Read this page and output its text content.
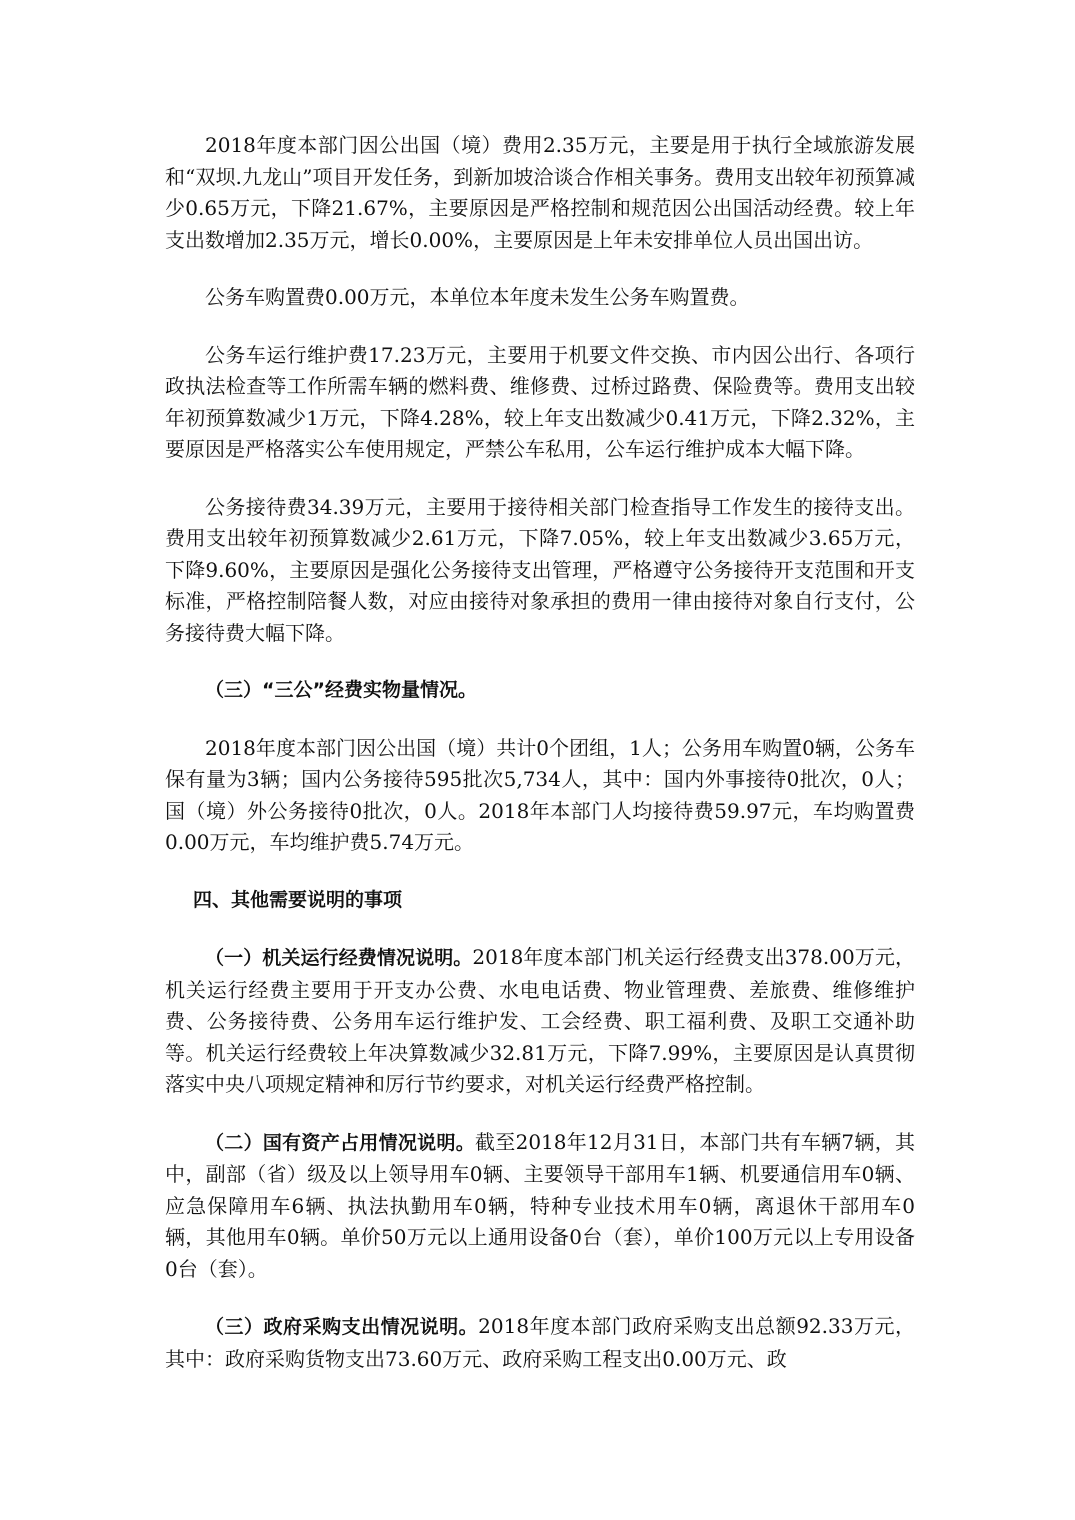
2018年度本部门因公出国（境）费用2.35万元，主要是用于执行全域旅游发展和“双坝.九龙山”项目开发任务，到新加坡洽谈合作相关事务。费用支出较年初预算减少0.65万元，下降21.67%，主要原因是严格控制和规范因公出国活动经费。较上年支出数增加2.35万元，增长0.00%，主要原因是上年未安排单位人员出国出访。

公务车购置费0.00万元，本单位本年度未发生公务车购置费。

公务车运行维护费17.23万元，主要用于机要文件交换、市内因公出行、各项行政执法检查等工作所需车辆的燃料费、维修费、过桥过路费、保险费等。费用支出较年初预算数减少1万元，下降4.28%，较上年支出数减少0.41万元，下降2.32%，主要原因是严格落实公车使用规定，严禁公车私用，公车运行维护成本大幅下降。

公务接待费34.39万元，主要用于接待相关部门检查指导工作发生的接待支出。费用支出较年初预算数减少2.61万元，下降7.05%，较上年支出数减少3.65万元，下降9.60%，主要原因是强化公务接待支出管理，严格遵守公务接待开支范围和开支标准，严格控制陪餐人数，对应由接待对象承担的费用一律由接待对象自行支付，公务接待费大幅下降。

（三）“三公”经费实物量情况。

2018年度本部门因公出国（境）共计0个团组，1人；公务用车购置0辆，公务车保有量为3辆；国内公务接待595批次5,734人，其中：国内外事接待0批次，0人；国（境）外公务接待0批次，0人。2018年本部门人均接待费59.97元，车均购置费0.00万元，车均维护费5.74万元。

四、其他需要说明的事项

（一）机关运行经费情况说明。2018年度本部门机关运行经费支出378.00万元，机关运行经费主要用于开支办公费、水电电话费、物业管理费、差旅费、维修维护费、公务接待费、公务用车运行维护发、工会经费、职工福利费、及职工交通补助等。机关运行经费较上年决算数减少32.81万元，下降7.99%，主要原因是认真贯彻落实中央八项规定精神和厉行节约要求，对机关运行经费严格控制。

（二）国有资产占用情况说明。截至2018年12月31日，本部门共有车辆7辆，其中，副部（省）级及以上领导用车0辆、主要领导干部用车1辆、机要通信用车0辆、应急保障用车6辆、执法执勤用车0辆，特种专业技术用车0辆，离退休干部用车0辆，其他用车0辆。单价50万元以上通用设备0台（套），单价100万元以上专用设备0台（套）。

（三）政府采购支出情况说明。2018年度本部门政府采购支出总额92.33万元，其中：政府采购货物支出73.60万元、政府采购工程支出0.00万元、政
